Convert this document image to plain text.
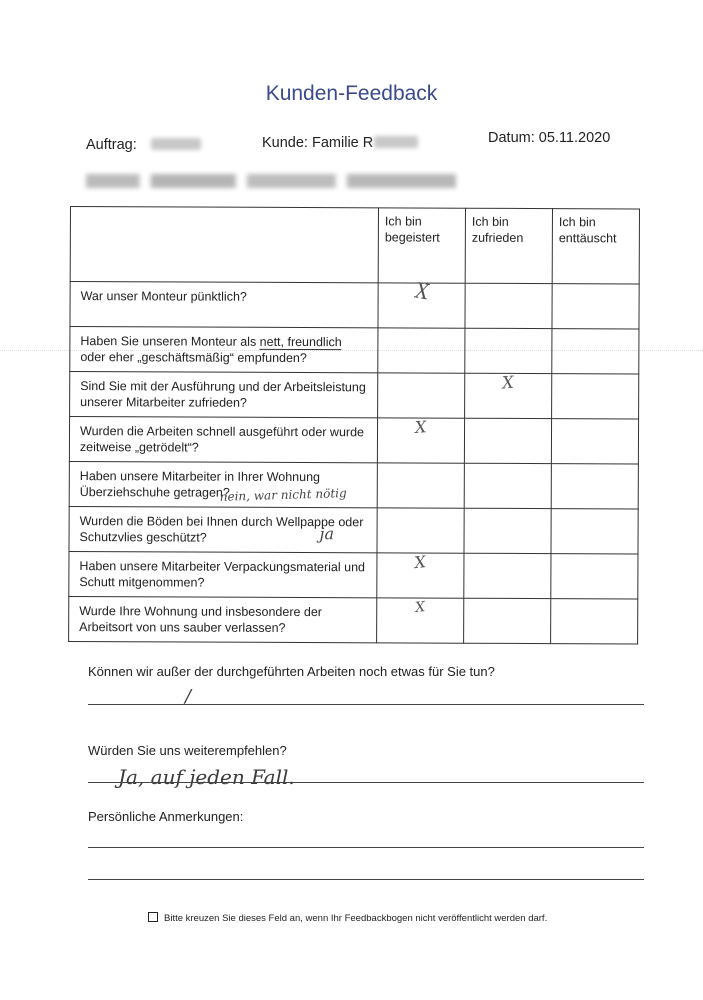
Kunden-Feedback
Auftrag:	Kunde: Familie R	Datum: 05.11.2020
	Ich bin begeistert	Ich bin zufrieden	Ich bin enttäuscht
War unser Monteur pünktlich?	X		
Haben Sie unseren Monteur als nett, freundlich oder eher „geschäftsmäßig“ empfunden?			
Sind Sie mit der Ausführung und der Arbeitsleistung unserer Mitarbeiter zufrieden?		X	
Wurden die Arbeiten schnell ausgeführt oder wurde zeitweise „getrödelt“?	X		
Haben unsere Mitarbeiter in Ihrer Wohnung Überziehschuhe getragen?
nein, war nicht nötig			

Wurden die Böden bei Ihnen durch Wellpappe oder Schutzvlies geschützt? ja			

Haben unsere Mitarbeiter Verpackungsmaterial und Schutt mitgenommen?	X		
Wurde Ihre Wohnung und insbesondere der Arbeitsort von uns sauber verlassen?	X		
Können wir außer der durchgeführten Arbeiten noch etwas für Sie tun?
/
Würden Sie uns weiterempfehlen?
Ja, auf jeden Fall.
Persönliche Anmerkungen:
Bitte kreuzen Sie dieses Feld an, wenn Ihr Feedbackbogen nicht veröffentlicht werden darf.
